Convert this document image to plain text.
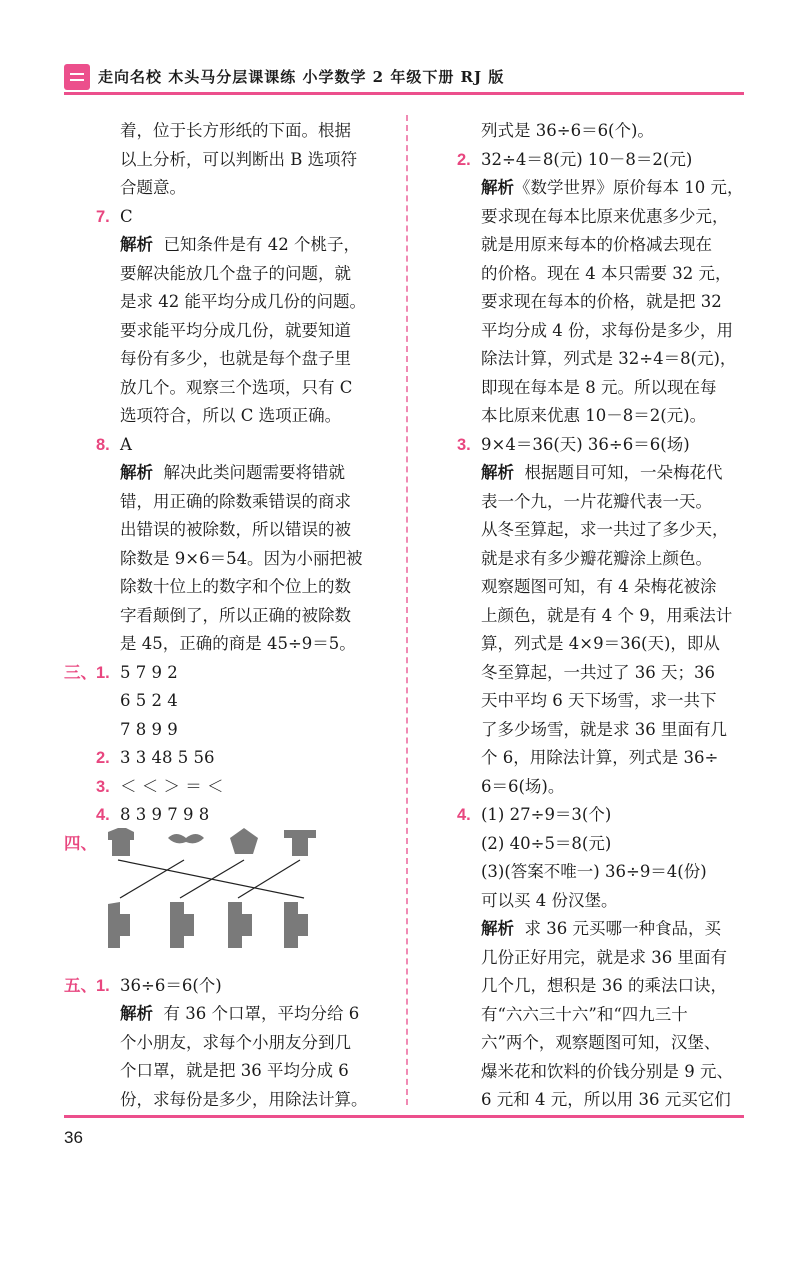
走向名校 木头马分层课课练 小学数学 2 年级下册 RJ 版
着，位于长方形纸的下面。根据
以上分析，可以判断出 B 选项符
合题意。
7. C
解析 已知条件是有 42 个桃子，
要解决能放几个盘子的问题，就
是求 42 能平均分成几份的问题。
要求能平均分成几份，就要知道
每份有多少，也就是每个盘子里
放几个。观察三个选项，只有 C
选项符合，所以 C 选项正确。
8. A
解析 解决此类问题需要将错就
错，用正确的除数乘错误的商求
出错误的被除数，所以错误的被
除数是 9×6＝54。因为小丽把被
除数十位上的数字和个位上的数
字看颠倒了，所以正确的被除数
是 45，正确的商是 45÷9＝5。
三、 1. 5 7 9 2
6 5 2 4
7 8 9 9
2. 3 3 48 5 56
3. ＜ ＜ ＞ ＝ ＜
4. 8 3 9 7 9 8
四、
五、 1. 36÷6＝6(个)
解析 有 36 个口罩，平均分给 6
个小朋友，求每个小朋友分到几
个口罩，就是把 36 平均分成 6
份，求每份是多少，用除法计算。
列式是 36÷6＝6(个)。
2. 32÷4＝8(元) 10－8＝2(元)
解析《数学世界》原价每本 10 元，
要求现在每本比原来优惠多少元，
就是用原来每本的价格减去现在
的价格。现在 4 本只需要 32 元，
要求现在每本的价格，就是把 32
平均分成 4 份，求每份是多少，用
除法计算，列式是 32÷4＝8(元)，
即现在每本是 8 元。所以现在每
本比原来优惠 10－8＝2(元)。
3. 9×4＝36(天) 36÷6＝6(场)
解析 根据题目可知，一朵梅花代
表一个九，一片花瓣代表一天。
从冬至算起，求一共过了多少天，
就是求有多少瓣花瓣涂上颜色。
观察题图可知，有 4 朵梅花被涂
上颜色，就是有 4 个 9，用乘法计
算，列式是 4×9＝36(天)，即从
冬至算起，一共过了 36 天；36
天中平均 6 天下场雪，求一共下
了多少场雪，就是求 36 里面有几
个 6，用除法计算，列式是 36÷
6＝6(场)。
4. (1) 27÷9＝3(个)
(2) 40÷5＝8(元)
(3)(答案不唯一) 36÷9＝4(份)
可以买 4 份汉堡。
解析 求 36 元买哪一种食品，买
几份正好用完，就是求 36 里面有
几个几，想积是 36 的乘法口诀，
有“六六三十六”和“四九三十
六”两个，观察题图可知，汉堡、
爆米花和饮料的价钱分别是 9 元、
6 元和 4 元，所以用 36 元买它们
36
